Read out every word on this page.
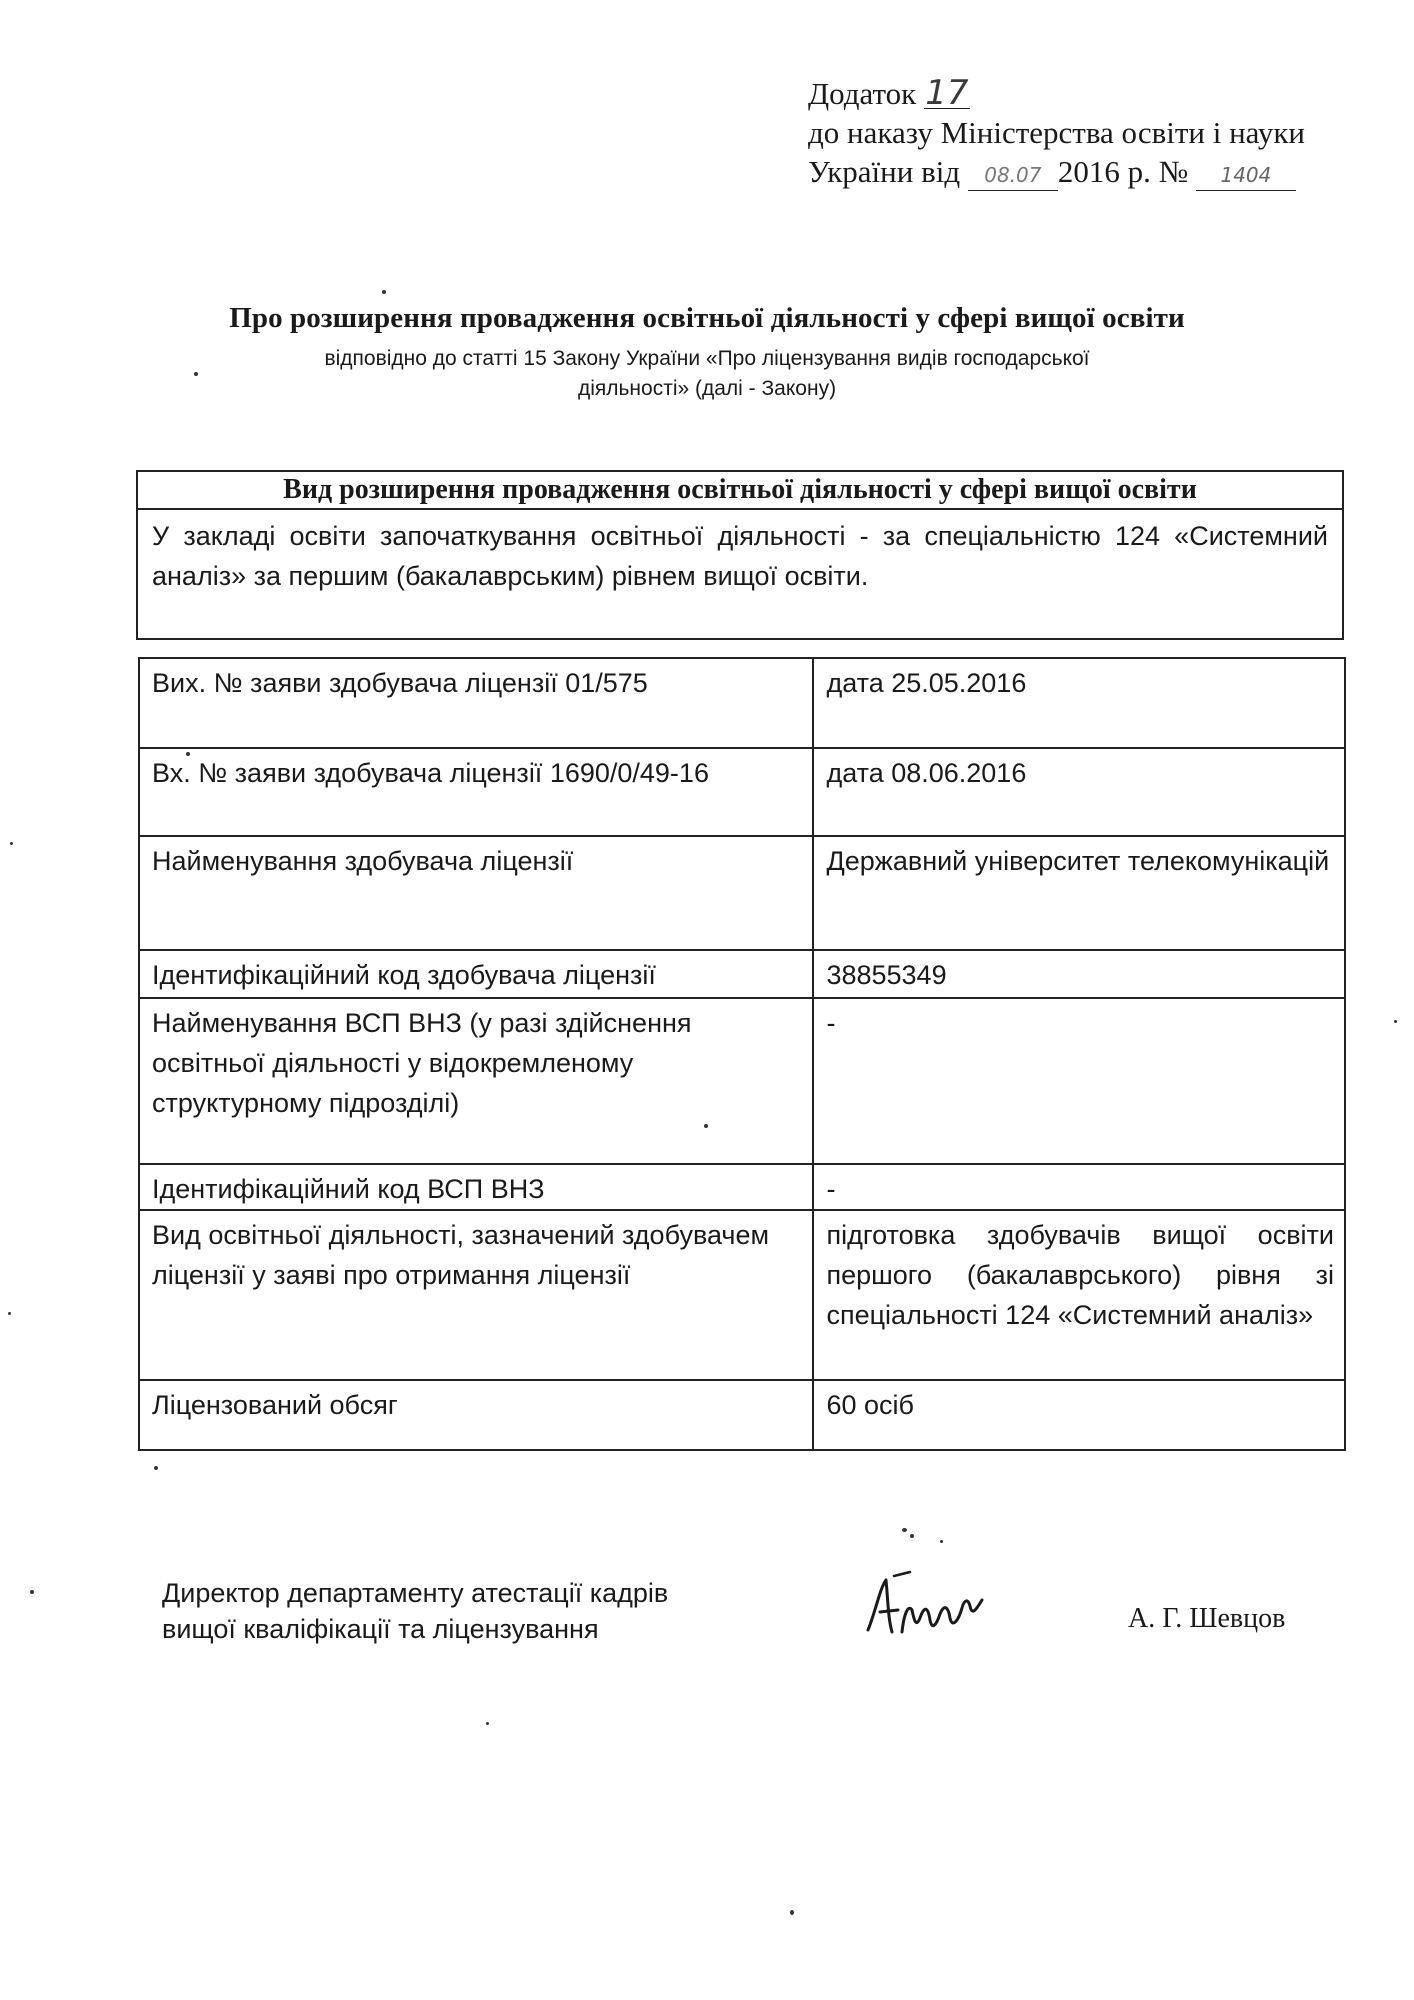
Додаток 17
до наказу Міністерства освіти і науки
України від 08.07 2016 р. № 1404
Про розширення провадження освітньої діяльності у сфері вищої освіти
відповідно до статті 15 Закону України «Про ліцензування видів господарської
діяльності» (далі - Закону)
Вид розширення провадження освітньої діяльності у сфері вищої освіти
У закладі освіти започаткування освітньої діяльності - за спеціальністю 124 «Системний аналіз» за першим (бакалаврським) рівнем вищої освіти.
Вих. № заяви здобувача ліцензії 01/575	дата 25.05.2016
Вх. № заяви здобувача ліцензії 1690/0/49-16	дата 08.06.2016
Найменування здобувача ліцензії	Державний університет телекомунікацій
Ідентифікаційний код здобувача ліцензії	38855349
Найменування ВСП ВНЗ (у разі здійснення освітньої діяльності у відокремленому структурному підрозділі)	-
Ідентифікаційний код ВСП ВНЗ	-
Вид освітньої діяльності, зазначений здобувачем ліцензії у заяві про отримання ліцензії	підготовка здобувачів вищої освіти першого (бакалаврського) рівня зі спеціальності 124 «Системний аналіз»
Ліцензований обсяг	60 осіб
Директор департаменту атестації кадрів
вищої кваліфікації та ліцензування	А. Г. Шевцов
